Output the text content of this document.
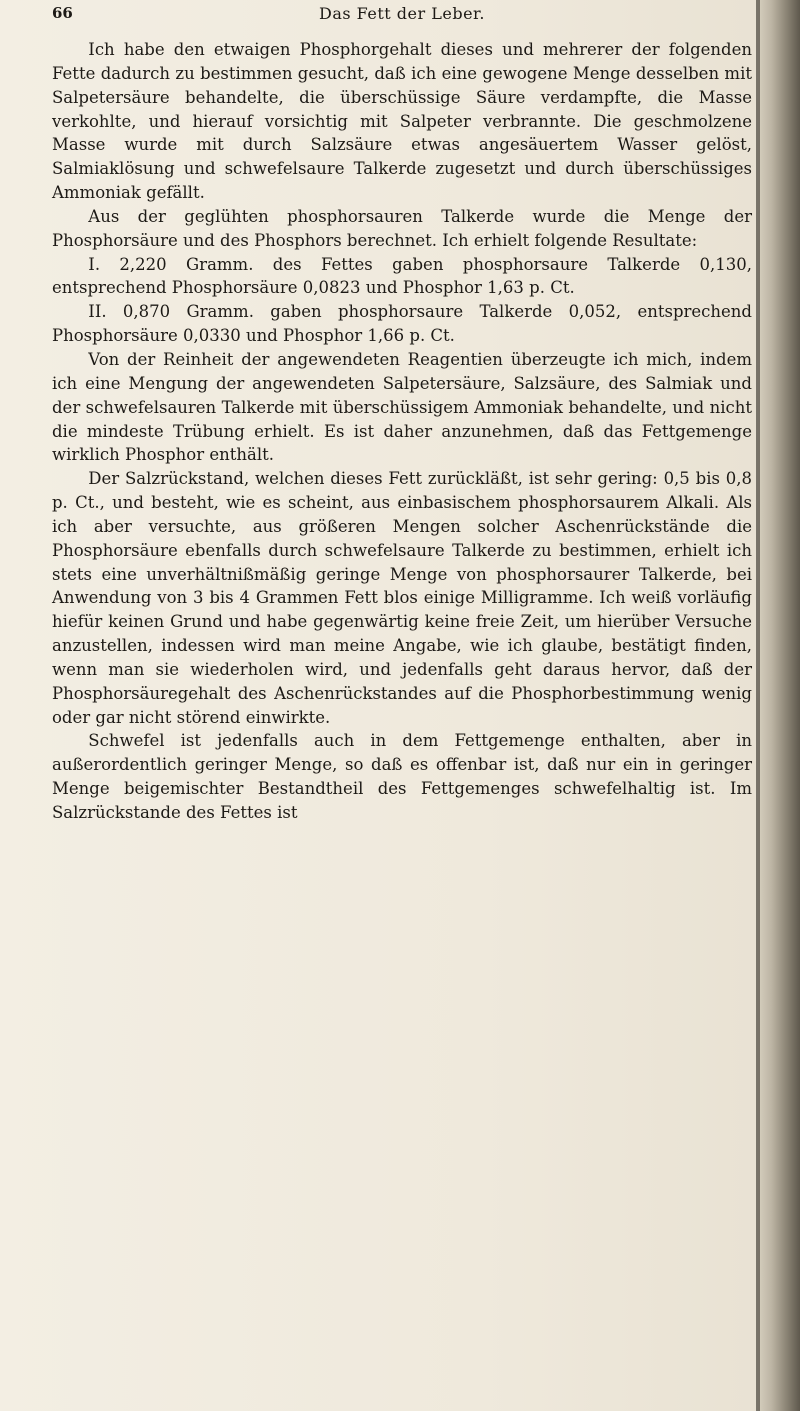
66	Das Fett der Leber.

Ich habe den etwaigen Phosphorgehalt dieses und mehrerer der folgenden Fette dadurch zu bestimmen gesucht, daß ich eine gewogene Menge desselben mit Salpetersäure behandelte, die überschüssige Säure verdampfte, die Masse verkohlte, und hierauf vorsichtig mit Salpeter verbrannte. Die geschmolzene Masse wurde mit durch Salzsäure etwas angesäuertem Wasser gelöst, Salmiaklösung und schwefelsaure Talkerde zugesetzt und durch überschüssiges Ammoniak gefällt.

Aus der geglühten phosphorsauren Talkerde wurde die Menge der Phosphorsäure und des Phosphors berechnet. Ich erhielt folgende Resultate:

I. 2,220 Gramm. des Fettes gaben phosphorsaure Talkerde 0,130, entsprechend Phosphorsäure 0,0823 und Phosphor 1,63 p. Ct.

II. 0,870 Gramm. gaben phosphorsaure Talkerde 0,052, entsprechend Phosphorsäure 0,0330 und Phosphor 1,66 p. Ct.

Von der Reinheit der angewendeten Reagentien überzeugte ich mich, indem ich eine Mengung der angewendeten Salpetersäure, Salzsäure, des Salmiak und der schwefelsauren Talkerde mit überschüssigem Ammoniak behandelte, und nicht die mindeste Trübung erhielt. Es ist daher anzunehmen, daß das Fettgemenge wirklich Phosphor enthält.

Der Salzrückstand, welchen dieses Fett zurückläßt, ist sehr gering: 0,5 bis 0,8 p. Ct., und besteht, wie es scheint, aus einbasischem phosphorsaurem Alkali. Als ich aber versuchte, aus größeren Mengen solcher Aschenrückstände die Phosphorsäure ebenfalls durch schwefelsaure Talkerde zu bestimmen, erhielt ich stets eine unverhältnißmäßig geringe Menge von phosphorsaurer Talkerde, bei Anwendung von 3 bis 4 Grammen Fett blos einige Milligramme. Ich weiß vorläufig hiefür keinen Grund und habe gegenwärtig keine freie Zeit, um hierüber Versuche anzustellen, indessen wird man meine Angabe, wie ich glaube, bestätigt finden, wenn man sie wiederholen wird, und jedenfalls geht daraus hervor, daß der Phosphorsäuregehalt des Aschenrückstandes auf die Phosphorbestimmung wenig oder gar nicht störend einwirkte.

Schwefel ist jedenfalls auch in dem Fettgemenge enthalten, aber in außerordentlich geringer Menge, so daß es offenbar ist, daß nur ein in geringer Menge beigemischter Bestandtheil des Fettgemenges schwefelhaltig ist. Im Salzrückstande des Fettes ist
